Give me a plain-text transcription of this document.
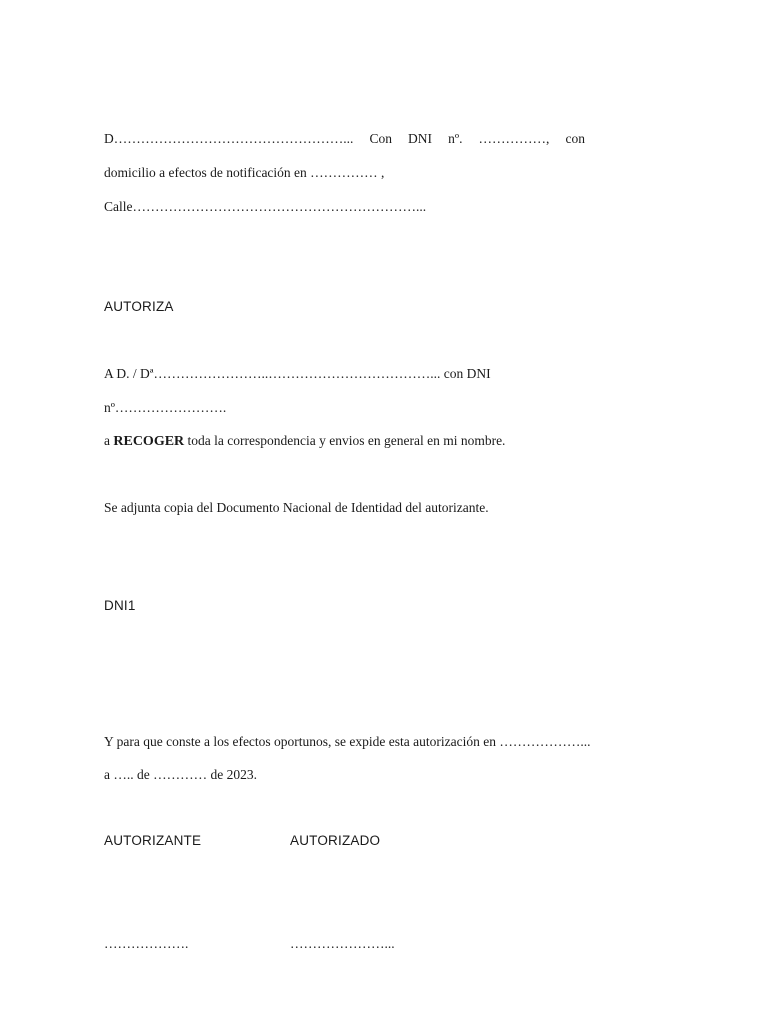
D……………………………………………... Con DNI nº. ……………, con
domicilio a efectos de notificación en …………… ,
Calle………………………………………………………...
AUTORIZA
A D. / Dª……………………..………………………………... con DNI
nº…………………….
a RECOGER toda la correspondencia y envios en general en mi nombre.
Se adjunta copia del Documento Nacional de Identidad del autorizante.
DNI1
Y para que conste a los efectos oportunos, se expide esta autorización en ………………...
a ….. de ………… de 2023.
AUTORIZANTE	AUTORIZADO
……………….	…………………...
